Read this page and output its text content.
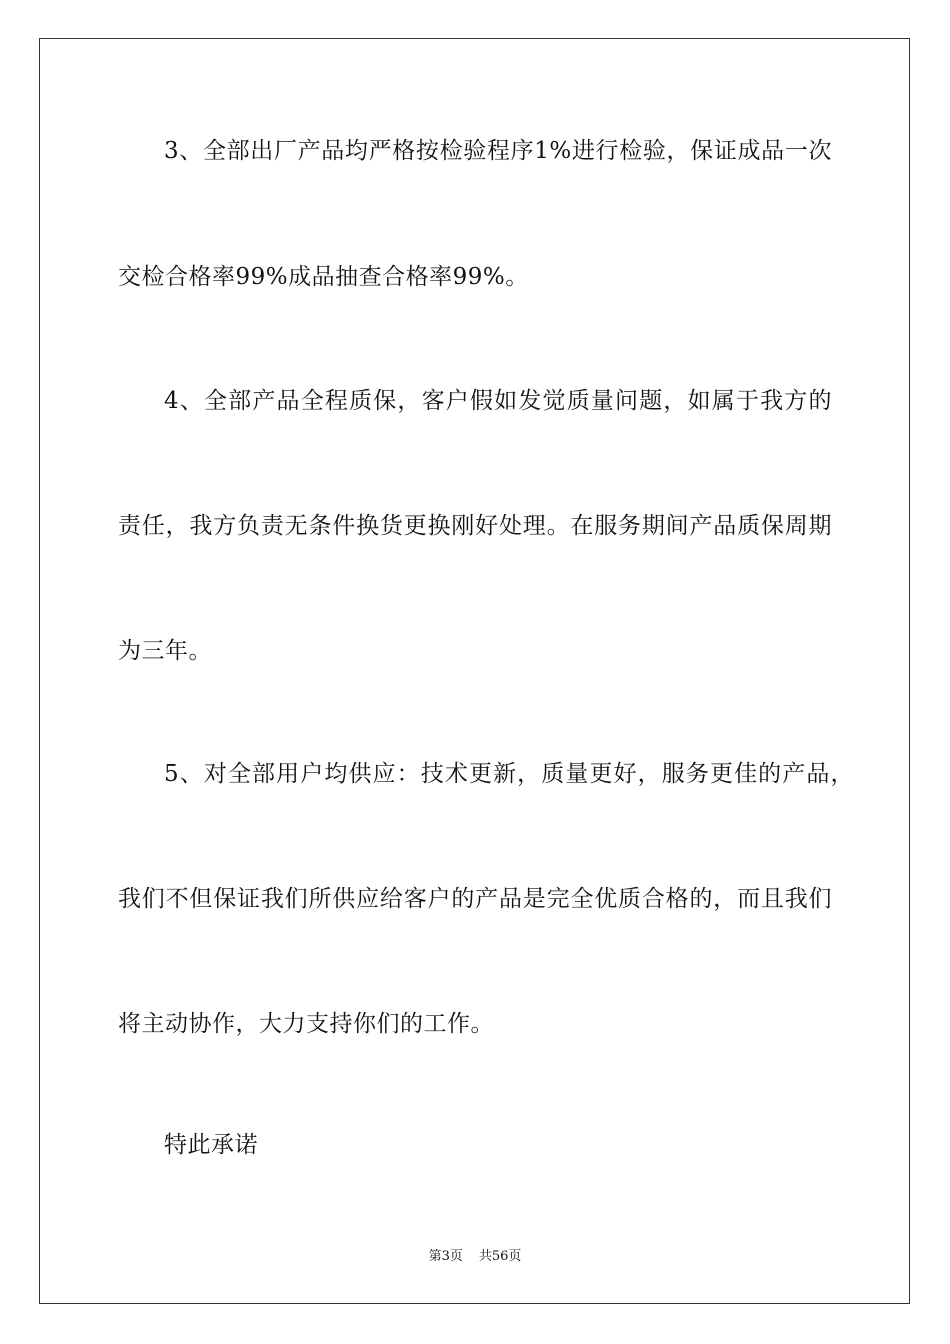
3、全部出厂产品均严格按检验程序1%进行检验，保证成品一次
交检合格率99%成品抽查合格率99%。
4、全部产品全程质保，客户假如发觉质量问题，如属于我方的
责任，我方负责无条件换货更换刚好处理。在服务期间产品质保周期
为三年。
5、对全部用户均供应：技术更新，质量更好，服务更佳的产品，
我们不但保证我们所供应给客户的产品是完全优质合格的，而且我们
将主动协作，大力支持你们的工作。
特此承诺
第3页 共56页
